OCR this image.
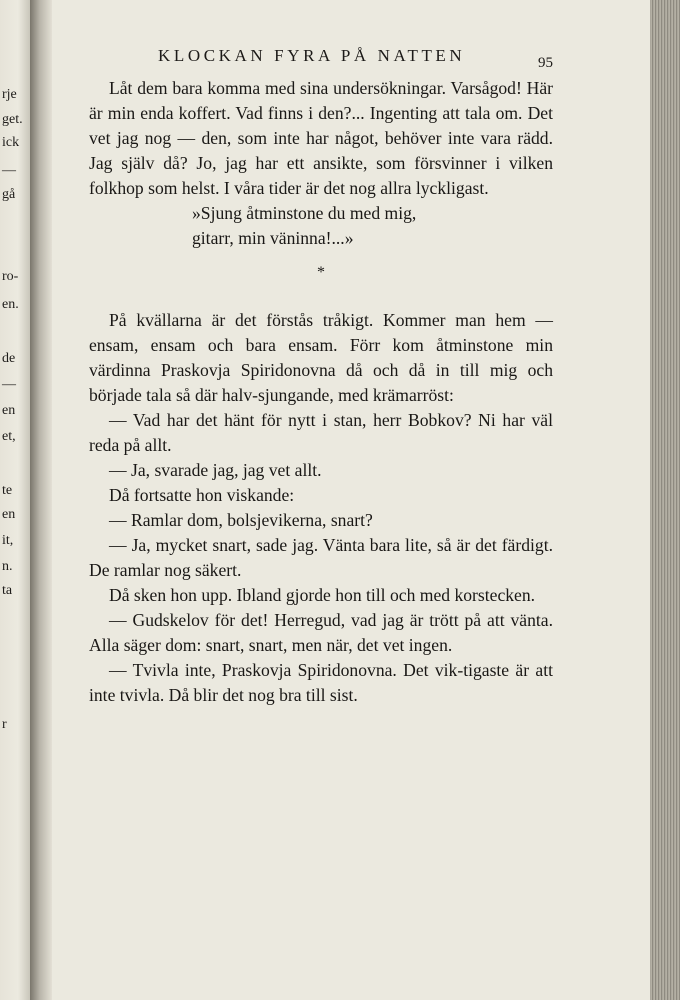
rje
get.
ick
—
gå
ro-
en.
de
—
en
et,
te
en
it,
n.
ta
r
KLOCKAN FYRA PÅ NATTEN	95

Låt dem bara komma med sina undersökningar. Varsågod! Här är min enda koffert. Vad finns i den?... Ingenting att tala om. Det vet jag nog — den, som inte har något, behöver inte vara rädd. Jag själv då? Jo, jag har ett ansikte, som försvinner i vilken folkhop som helst. I våra tider är det nog allra lyckligast.

»Sjung åtminstone du med mig,

gitarr, min väninna!...»

*

På kvällarna är det förstås tråkigt. Kommer man hem — ensam, ensam och bara ensam. Förr kom åtminstone min värdinna Praskovja Spiridonovna då och då in till mig och började tala så där halv-sjungande, med krämarröst:

— Vad har det hänt för nytt i stan, herr Bobkov? Ni har väl reda på allt.

— Ja, svarade jag, jag vet allt.

Då fortsatte hon viskande:

— Ramlar dom, bolsjevikerna, snart?

— Ja, mycket snart, sade jag. Vänta bara lite, så är det färdigt. De ramlar nog säkert.

Då sken hon upp. Ibland gjorde hon till och med korstecken.

— Gudskelov för det! Herregud, vad jag är trött på att vänta. Alla säger dom: snart, snart, men när, det vet ingen.

— Tvivla inte, Praskovja Spiridonovna. Det vik-tigaste är att inte tvivla. Då blir det nog bra till sist.
